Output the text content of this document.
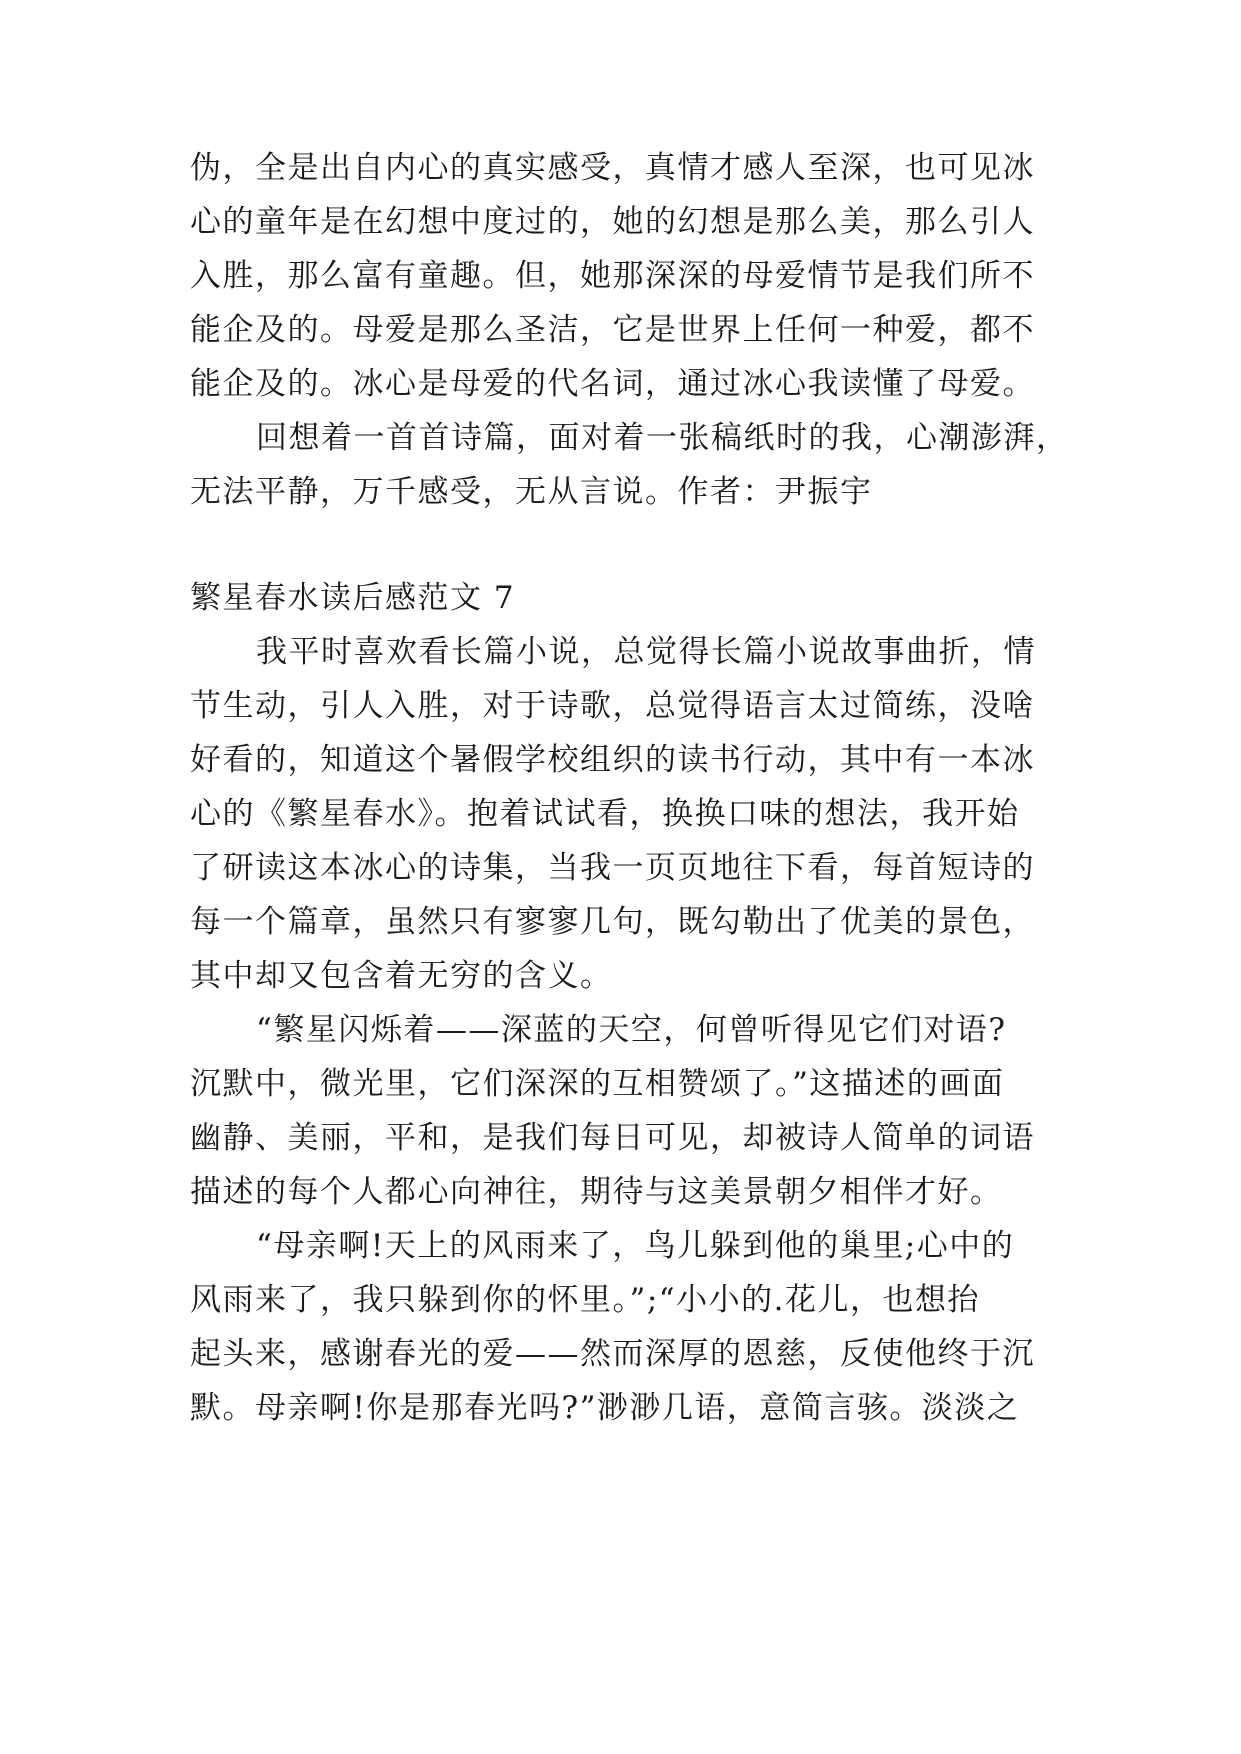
伪，全是出自内心的真实感受，真情才感人至深，也可见冰
心的童年是在幻想中度过的，她的幻想是那么美，那么引人
入胜，那么富有童趣。但，她那深深的母爱情节是我们所不
能企及的。母爱是那么圣洁，它是世界上任何一种爱，都不
能企及的。冰心是母爱的代名词，通过冰心我读懂了母爱。
回想着一首首诗篇，面对着一张稿纸时的我，心潮澎湃，
无法平静，万千感受，无从言说。作者：尹振宇
繁星春水读后感范文 7
我平时喜欢看长篇小说，总觉得长篇小说故事曲折，情
节生动，引人入胜，对于诗歌，总觉得语言太过简练，没啥
好看的，知道这个暑假学校组织的读书行动，其中有一本冰
心的《繁星春水》。抱着试试看，换换口味的想法，我开始
了研读这本冰心的诗集，当我一页页地往下看，每首短诗的
每一个篇章，虽然只有寥寥几句，既勾勒出了优美的景色，
其中却又包含着无穷的含义。
“繁星闪烁着——深蓝的天空，何曾听得见它们对语?
沉默中，微光里，它们深深的互相赞颂了。”这描述的画面
幽静、美丽，平和，是我们每日可见，却被诗人简单的词语
描述的每个人都心向神往，期待与这美景朝夕相伴才好。
“母亲啊!天上的风雨来了，鸟儿躲到他的巢里;心中的
风雨来了，我只躲到你的怀里。”;“小小的.花儿，也想抬
起头来，感谢春光的爱——然而深厚的恩慈，反使他终于沉
默。母亲啊!你是那春光吗?”渺渺几语，意简言骇。淡淡之
